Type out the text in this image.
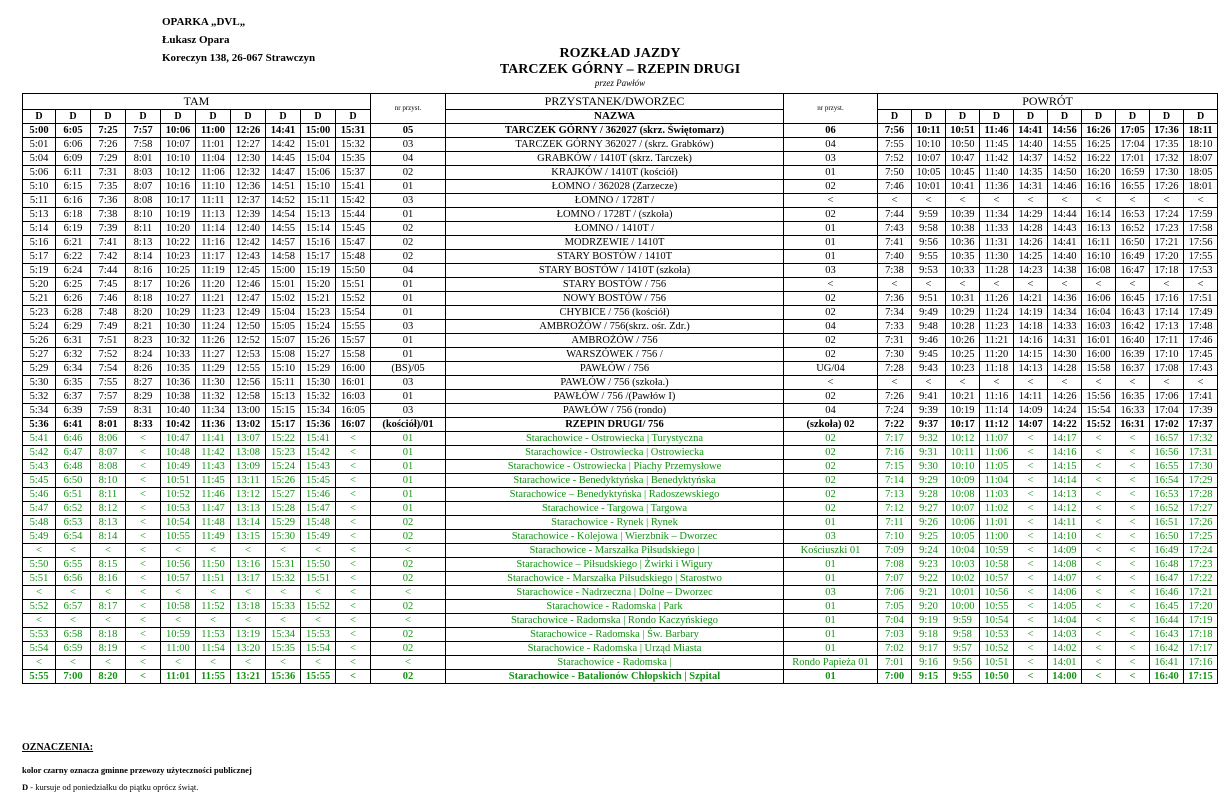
OPARKA „DVL„
Łukasz Opara
Koreczyn 138, 26-067 Strawczyn	ROZKŁAD JAZDY
TARCZEK GÓRNY – RZEPIN DRUGI
przez Pawłów
TAM										nr przyst.	PRZYSTANEK/DWORZEC	nr przyst.	POWRÓT									
D	D	D	D	D	D	D	D	D	D		NAZWA		D	D	D	D	D	D	D	D	D	D
5:00	6:05	7:25	7:57	10:06	11:00	12:26	14:41	15:00	15:31	05	TARCZEK GÓRNY / 362027 (skrz. Świętomarz)	06	7:56	10:11	10:51	11:46	14:41	14:56	16:26	17:05	17:36	18:11
5:01	6:06	7:26	7:58	10:07	11:01	12:27	14:42	15:01	15:32	03	TARCZEK GÓRNY 362027 / (skrz. Grabków)	04	7:55	10:10	10:50	11:45	14:40	14:55	16:25	17:04	17:35	18:10
5:04	6:09	7:29	8:01	10:10	11:04	12:30	14:45	15:04	15:35	04	GRABKÓW / 1410T (skrz. Tarczek)	03	7:52	10:07	10:47	11:42	14:37	14:52	16:22	17:01	17:32	18:07
5:06	6:11	7:31	8:03	10:12	11:06	12:32	14:47	15:06	15:37	02	KRAJKÓW / 1410T (kościół)	01	7:50	10:05	10:45	11:40	14:35	14:50	16:20	16:59	17:30	18:05
5:10	6:15	7:35	8:07	10:16	11:10	12:36	14:51	15:10	15:41	01	ŁOMNO / 362028 (Zarzecze)	02	7:46	10:01	10:41	11:36	14:31	14:46	16:16	16:55	17:26	18:01
5:11	6:16	7:36	8:08	10:17	11:11	12:37	14:52	15:11	15:42	03	ŁOMNO / 1728T /	<	<	<	<	<	<	<	<	<	<	<
5:13	6:18	7:38	8:10	10:19	11:13	12:39	14:54	15:13	15:44	01	ŁOMNO / 1728T / (szkoła)	02	7:44	9:59	10:39	11:34	14:29	14:44	16:14	16:53	17:24	17:59
5:14	6:19	7:39	8:11	10:20	11:14	12:40	14:55	15:14	15:45	02	ŁOMNO / 1410T /	01	7:43	9:58	10:38	11:33	14:28	14:43	16:13	16:52	17:23	17:58
5:16	6:21	7:41	8:13	10:22	11:16	12:42	14:57	15:16	15:47	02	MODRZEWIE / 1410T	01	7:41	9:56	10:36	11:31	14:26	14:41	16:11	16:50	17:21	17:56
5:17	6:22	7:42	8:14	10:23	11:17	12:43	14:58	15:17	15:48	02	STARY BOSTÓW / 1410T	01	7:40	9:55	10:35	11:30	14:25	14:40	16:10	16:49	17:20	17:55
5:19	6:24	7:44	8:16	10:25	11:19	12:45	15:00	15:19	15:50	04	STARY BOSTÓW / 1410T (szkoła)	03	7:38	9:53	10:33	11:28	14:23	14:38	16:08	16:47	17:18	17:53
5:20	6:25	7:45	8:17	10:26	11:20	12:46	15:01	15:20	15:51	01	STARY BOSTÓW / 756	<	<	<	<	<	<	<	<	<	<	<
5:21	6:26	7:46	8:18	10:27	11:21	12:47	15:02	15:21	15:52	01	NOWY BOSTÓW / 756	02	7:36	9:51	10:31	11:26	14:21	14:36	16:06	16:45	17:16	17:51
5:23	6:28	7:48	8:20	10:29	11:23	12:49	15:04	15:23	15:54	01	CHYBICE / 756 (kościół)	02	7:34	9:49	10:29	11:24	14:19	14:34	16:04	16:43	17:14	17:49
5:24	6:29	7:49	8:21	10:30	11:24	12:50	15:05	15:24	15:55	03	AMBROŻÓW / 756(skrz. ośr. Zdr.)	04	7:33	9:48	10:28	11:23	14:18	14:33	16:03	16:42	17:13	17:48
5:26	6:31	7:51	8:23	10:32	11:26	12:52	15:07	15:26	15:57	01	AMBROŻÓW / 756	02	7:31	9:46	10:26	11:21	14:16	14:31	16:01	16:40	17:11	17:46
5:27	6:32	7:52	8:24	10:33	11:27	12:53	15:08	15:27	15:58	01	WARSZÓWEK / 756 /	02	7:30	9:45	10:25	11:20	14:15	14:30	16:00	16:39	17:10	17:45
5:29	6:34	7:54	8:26	10:35	11:29	12:55	15:10	15:29	16:00	(BS)/05	PAWŁÓW / 756	UG/04	7:28	9:43	10:23	11:18	14:13	14:28	15:58	16:37	17:08	17:43
5:30	6:35	7:55	8:27	10:36	11:30	12:56	15:11	15:30	16:01	03	PAWŁÓW / 756 (szkoła.)	<	<	<	<	<	<	<	<	<	<	<
5:32	6:37	7:57	8:29	10:38	11:32	12:58	15:13	15:32	16:03	01	PAWŁÓW / 756 /(Pawłów I)	02	7:26	9:41	10:21	11:16	14:11	14:26	15:56	16:35	17:06	17:41
5:34	6:39	7:59	8:31	10:40	11:34	13:00	15:15	15:34	16:05	03	PAWŁÓW / 756 (rondo)	04	7:24	9:39	10:19	11:14	14:09	14:24	15:54	16:33	17:04	17:39
5:36	6:41	8:01	8:33	10:42	11:36	13:02	15:17	15:36	16:07	(kościół)/01	RZEPIN DRUGI/ 756	(szkoła) 02	7:22	9:37	10:17	11:12	14:07	14:22	15:52	16:31	17:02	17:37
5:41	6:46	8:06	<	10:47	11:41	13:07	15:22	15:41	<	01	Starachowice - Ostrowiecka | Turystyczna	02	7:17	9:32	10:12	11:07	<	14:17	<	<	16:57	17:32
5:42	6:47	8:07	<	10:48	11:42	13:08	15:23	15:42	<	01	Starachowice - Ostrowiecka | Ostrowiecka	02	7:16	9:31	10:11	11:06	<	14:16	<	<	16:56	17:31
5:43	6:48	8:08	<	10:49	11:43	13:09	15:24	15:43	<	01	Starachowice - Ostrowiecka | Piachy Przemysłowe	02	7:15	9:30	10:10	11:05	<	14:15	<	<	16:55	17:30
5:45	6:50	8:10	<	10:51	11:45	13:11	15:26	15:45	<	01	Starachowice - Benedyktyńska | Benedyktyńska	02	7:14	9:29	10:09	11:04	<	14:14	<	<	16:54	17:29
5:46	6:51	8:11	<	10:52	11:46	13:12	15:27	15:46	<	01	Starachowice – Benedyktyńska | Radoszewskiego	02	7:13	9:28	10:08	11:03	<	14:13	<	<	16:53	17:28
5:47	6:52	8:12	<	10:53	11:47	13:13	15:28	15:47	<	01	Starachowice - Targowa | Targowa	02	7:12	9:27	10:07	11:02	<	14:12	<	<	16:52	17:27
5:48	6:53	8:13	<	10:54	11:48	13:14	15:29	15:48	<	02	Starachowice - Rynek | Rynek	01	7:11	9:26	10:06	11:01	<	14:11	<	<	16:51	17:26
5:49	6:54	8:14	<	10:55	11:49	13:15	15:30	15:49	<	02	Starachowice - Kolejowa | Wierzbnik – Dworzec	03	7:10	9:25	10:05	11:00	<	14:10	<	<	16:50	17:25
<	<	<	<	<	<	<	<	<	<	<	Starachowice - Marszałka Piłsudskiego |	Kościuszki 01	7:09	9:24	10:04	10:59	<	14:09	<	<	16:49	17:24
5:50	6:55	8:15	<	10:56	11:50	13:16	15:31	15:50	<	02	Starachowice – Piłsudskiego | Żwirki i Wigury	01	7:08	9:23	10:03	10:58	<	14:08	<	<	16:48	17:23
5:51	6:56	8:16	<	10:57	11:51	13:17	15:32	15:51	<	02	Starachowice - Marszałka Piłsudskiego | Starostwo	01	7:07	9:22	10:02	10:57	<	14:07	<	<	16:47	17:22
<	<	<	<	<	<	<	<	<	<	<	Starachowice - Nadrzeczna | Dolne – Dworzec	03	7:06	9:21	10:01	10:56	<	14:06	<	<	16:46	17:21
5:52	6:57	8:17	<	10:58	11:52	13:18	15:33	15:52	<	02	Starachowice - Radomska | Park	01	7:05	9:20	10:00	10:55	<	14:05	<	<	16:45	17:20
<	<	<	<	<	<	<	<	<	<	<	Starachowice - Radomska | Rondo Kaczyńskiego	01	7:04	9:19	9:59	10:54	<	14:04	<	<	16:44	17:19
5:53	6:58	8:18	<	10:59	11:53	13:19	15:34	15:53	<	02	Starachowice - Radomska | Św. Barbary	01	7:03	9:18	9:58	10:53	<	14:03	<	<	16:43	17:18
5:54	6:59	8:19	<	11:00	11:54	13:20	15:35	15:54	<	02	Starachowice - Radomska | Urząd Miasta	01	7:02	9:17	9:57	10:52	<	14:02	<	<	16:42	17:17
<	<	<	<	<	<	<	<	<	<	<	Starachowice - Radomska |	Rondo Papieża 01	7:01	9:16	9:56	10:51	<	14:01	<	<	16:41	17:16
5:55	7:00	8:20	<	11:01	11:55	13:21	15:36	15:55	<	02	Starachowice - Batalionów Chłopskich | Szpital	01	7:00	9:15	9:55	10:50	<	14:00	<	<	16:40	17:15
OZNACZENIA:
kolor czarny oznacza gminne przewozy użyteczności publicznej
D - kursuje od poniedziałku do piątku oprócz świąt.
